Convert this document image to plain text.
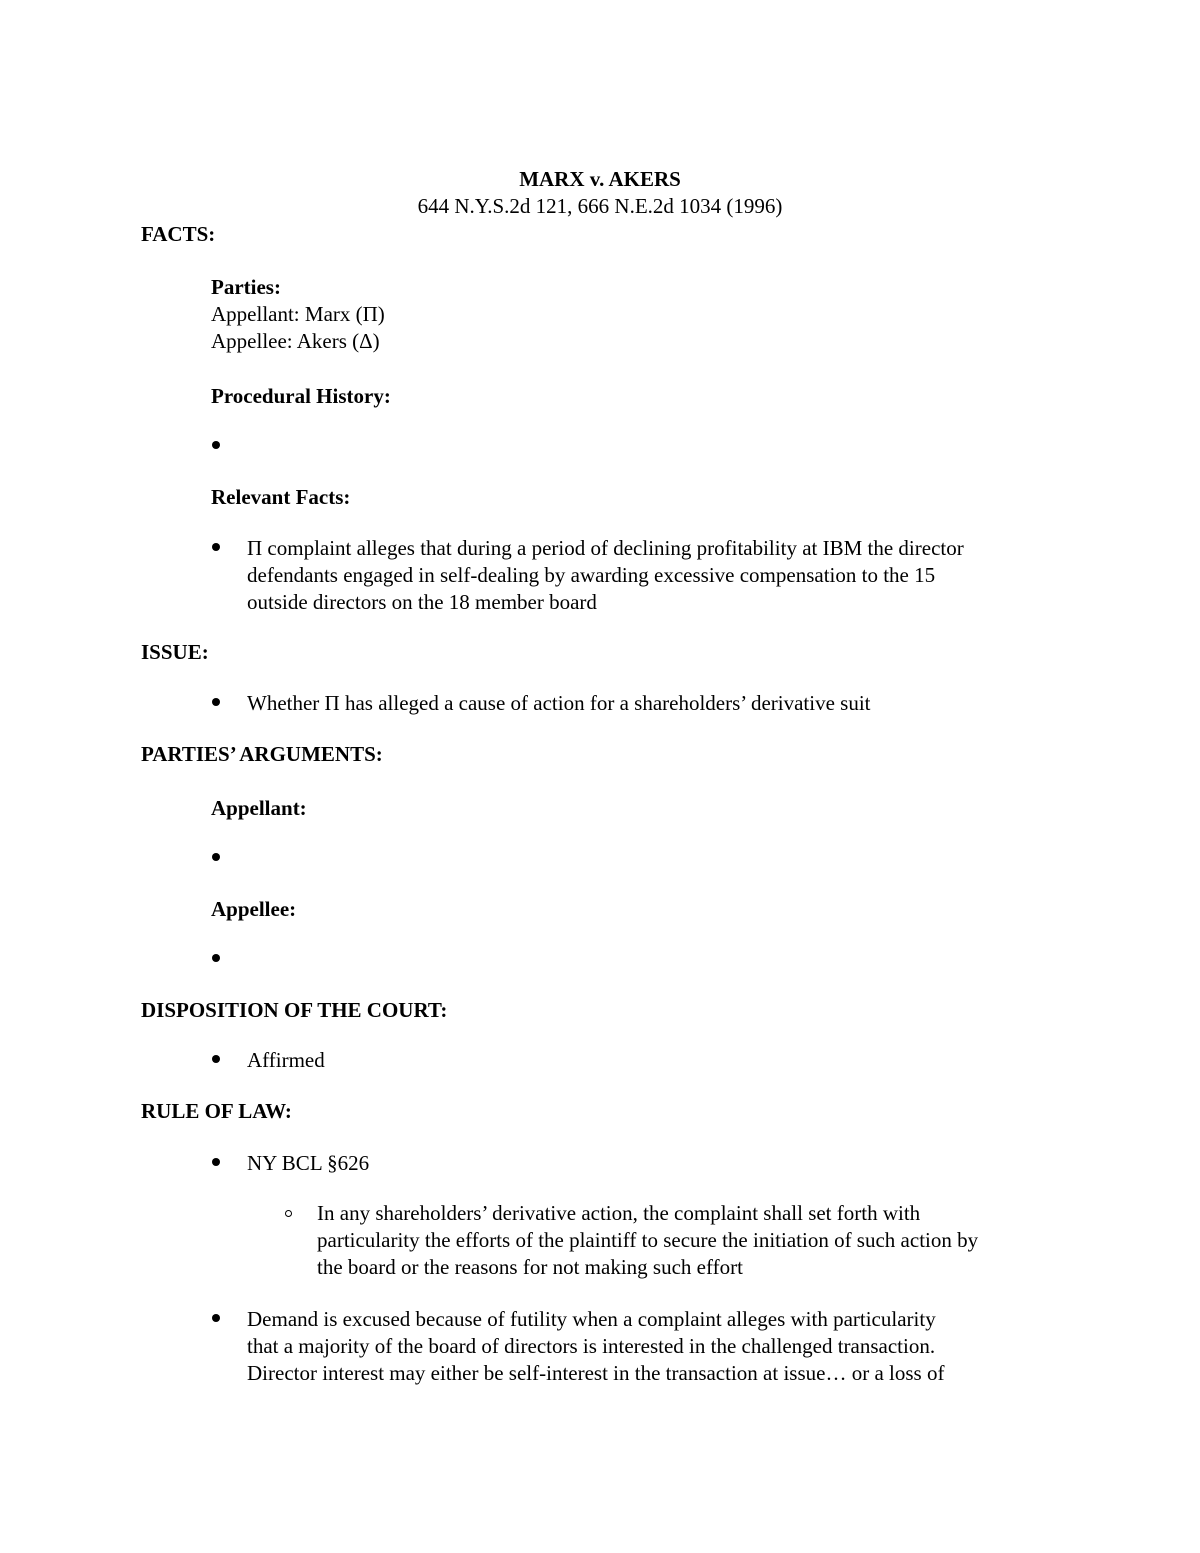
MARX v. AKERS
644 N.Y.S.2d 121, 666 N.E.2d 1034 (1996)
FACTS:
Parties:
Appellant: Marx (Π)
Appellee: Akers (Δ)
Procedural History:
Relevant Facts:
Π complaint alleges that during a period of declining profitability at IBM the director
defendants engaged in self-dealing by awarding excessive compensation to the 15
outside directors on the 18 member board
ISSUE:
Whether Π has alleged a cause of action for a shareholders’ derivative suit
PARTIES’ ARGUMENTS:
Appellant:
Appellee:
DISPOSITION OF THE COURT:
Affirmed
RULE OF LAW:
NY BCL §626
In any shareholders’ derivative action, the complaint shall set forth with
particularity the efforts of the plaintiff to secure the initiation of such action by
the board or the reasons for not making such effort
Demand is excused because of futility when a complaint alleges with particularity
that a majority of the board of directors is interested in the challenged transaction.
Director interest may either be self-interest in the transaction at issue… or a loss of
